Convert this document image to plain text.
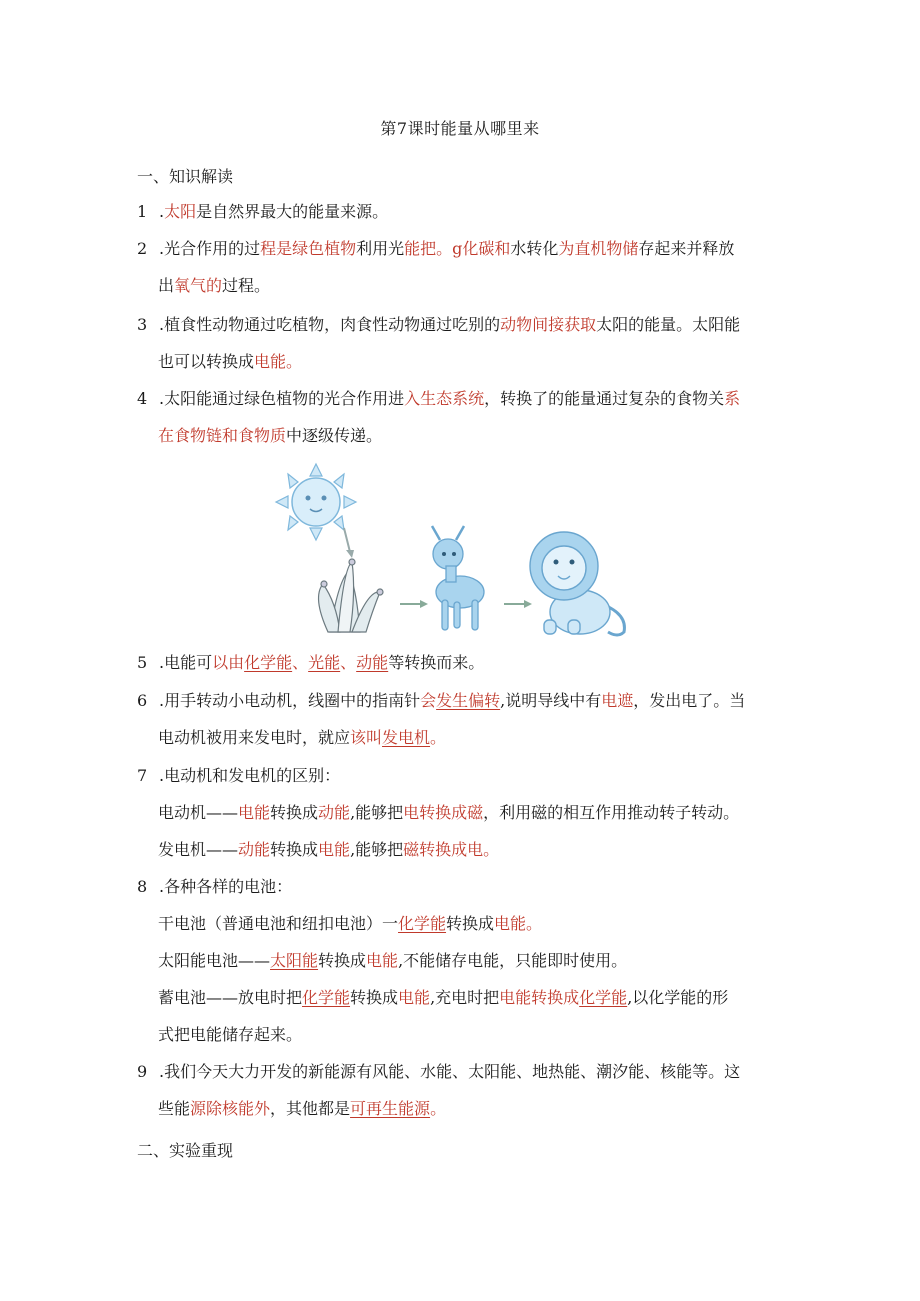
第7课时能量从哪里来
一、知识解读
1 .太阳是自然界最大的能量来源。
2 .光合作用的过程是绿色植物利用光能把。g化碳和水转化为直机物储存起来并释放
出氧气的过程。
3 .植食性动物通过吃植物，肉食性动物通过吃别的动物间接获取太阳的能量。太阳能
也可以转换成电能。
4 .太阳能通过绿色植物的光合作用进入生态系统，转换了的能量通过复杂的食物关系
在食物链和食物质中逐级传递。
5 .电能可以由化学能、光能、动能等转换而来。
6 .用手转动小电动机，线圈中的指南针会发生偏转,说明导线中有电遮，发出电了。当
电动机被用来发电时，就应该叫发电机。
7 .电动机和发电机的区别：
电动机——电能转换成动能,能够把电转换成磁，利用磁的相互作用推动转子转动。
发电机——动能转换成电能,能够把磁转换成电。
8 .各种各样的电池：
干电池（普通电池和纽扣电池）一化学能转换成电能。
太阳能电池——太阳能转换成电能,不能储存电能，只能即时使用。
蓄电池——放电时把化学能转换成电能,充电时把电能转换成化学能,以化学能的形
式把电能储存起来。
9 .我们今天大力开发的新能源有风能、水能、太阳能、地热能、潮汐能、核能等。这
些能源除核能外，其他都是可再生能源。
二、实验重现
